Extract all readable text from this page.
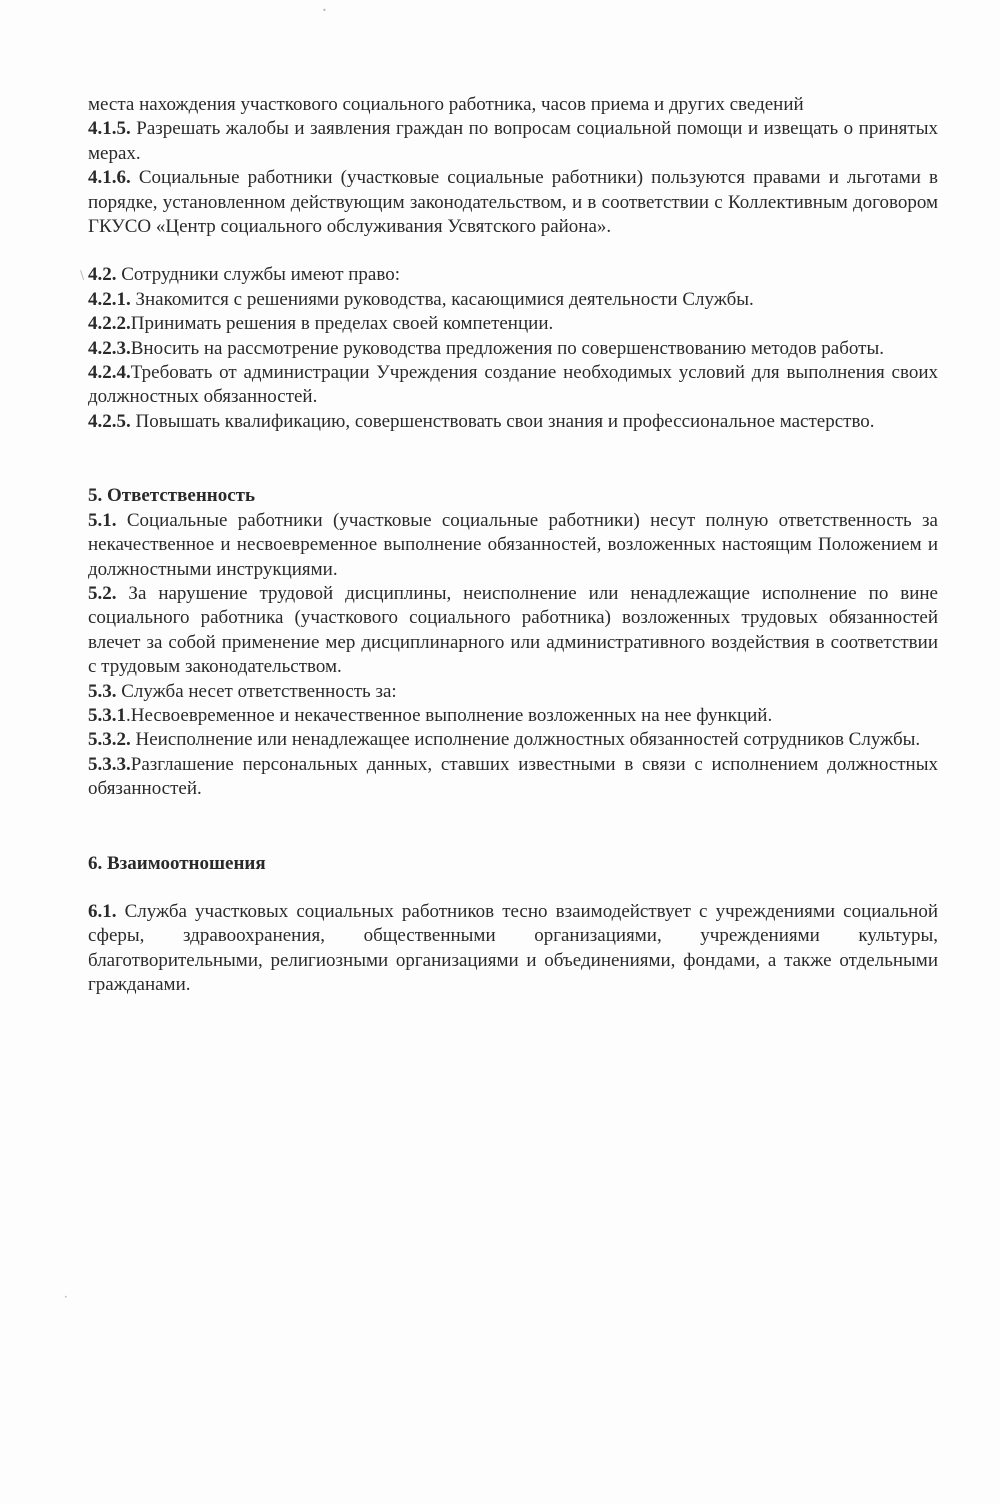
•
/
•

места нахождения участкового социального работника, часов приема и других сведений

4.1.5. Разрешать жалобы и заявления граждан по вопросам социальной помощи и извещать о принятых мерах.

4.1.6. Социальные работники (участковые социальные работники) пользуются правами и льготами в порядке, установленном действующим законодательством, и в соответствии с Коллективным договором ГКУСО «Центр социального обслуживания Усвятского района».

4.2. Сотрудники службы имеют право:

4.2.1. Знакомится с решениями руководства, касающимися деятельности Службы.

4.2.2.Принимать решения в пределах своей компетенции.

4.2.3.Вносить на рассмотрение руководства предложения по совершенствованию методов работы.

4.2.4.Требовать от администрации Учреждения создание необходимых условий для выполнения своих должностных обязанностей.

4.2.5. Повышать квалификацию, совершенствовать свои знания и профессиональное мастерство.

5. Ответственность

5.1. Социальные работники (участковые социальные работники) несут полную ответственность за некачественное и несвоевременное выполнение обязанностей, возложенных настоящим Положением и должностными инструкциями.

5.2. За нарушение трудовой дисциплины, неисполнение или ненадлежащие исполнение по вине социального работника (участкового социального работника) возложенных трудовых обязанностей влечет за собой применение мер дисциплинарного или административного воздействия в соответствии с трудовым законодательством.

5.3. Служба несет ответственность за:

5.3.1.Несвоевременное и некачественное выполнение возложенных на нее функций.

5.3.2. Неисполнение или ненадлежащее исполнение должностных обязанностей сотрудников Службы.

5.3.3.Разглашение персональных данных, ставших известными в связи с исполнением должностных обязанностей.

6. Взаимоотношения

6.1. Служба участковых социальных работников тесно взаимодействует с учреждениями социальной сферы, здравоохранения, общественными организациями, учреждениями культуры, благотворительными, религиозными организациями и объединениями, фондами, а также отдельными гражданами.
